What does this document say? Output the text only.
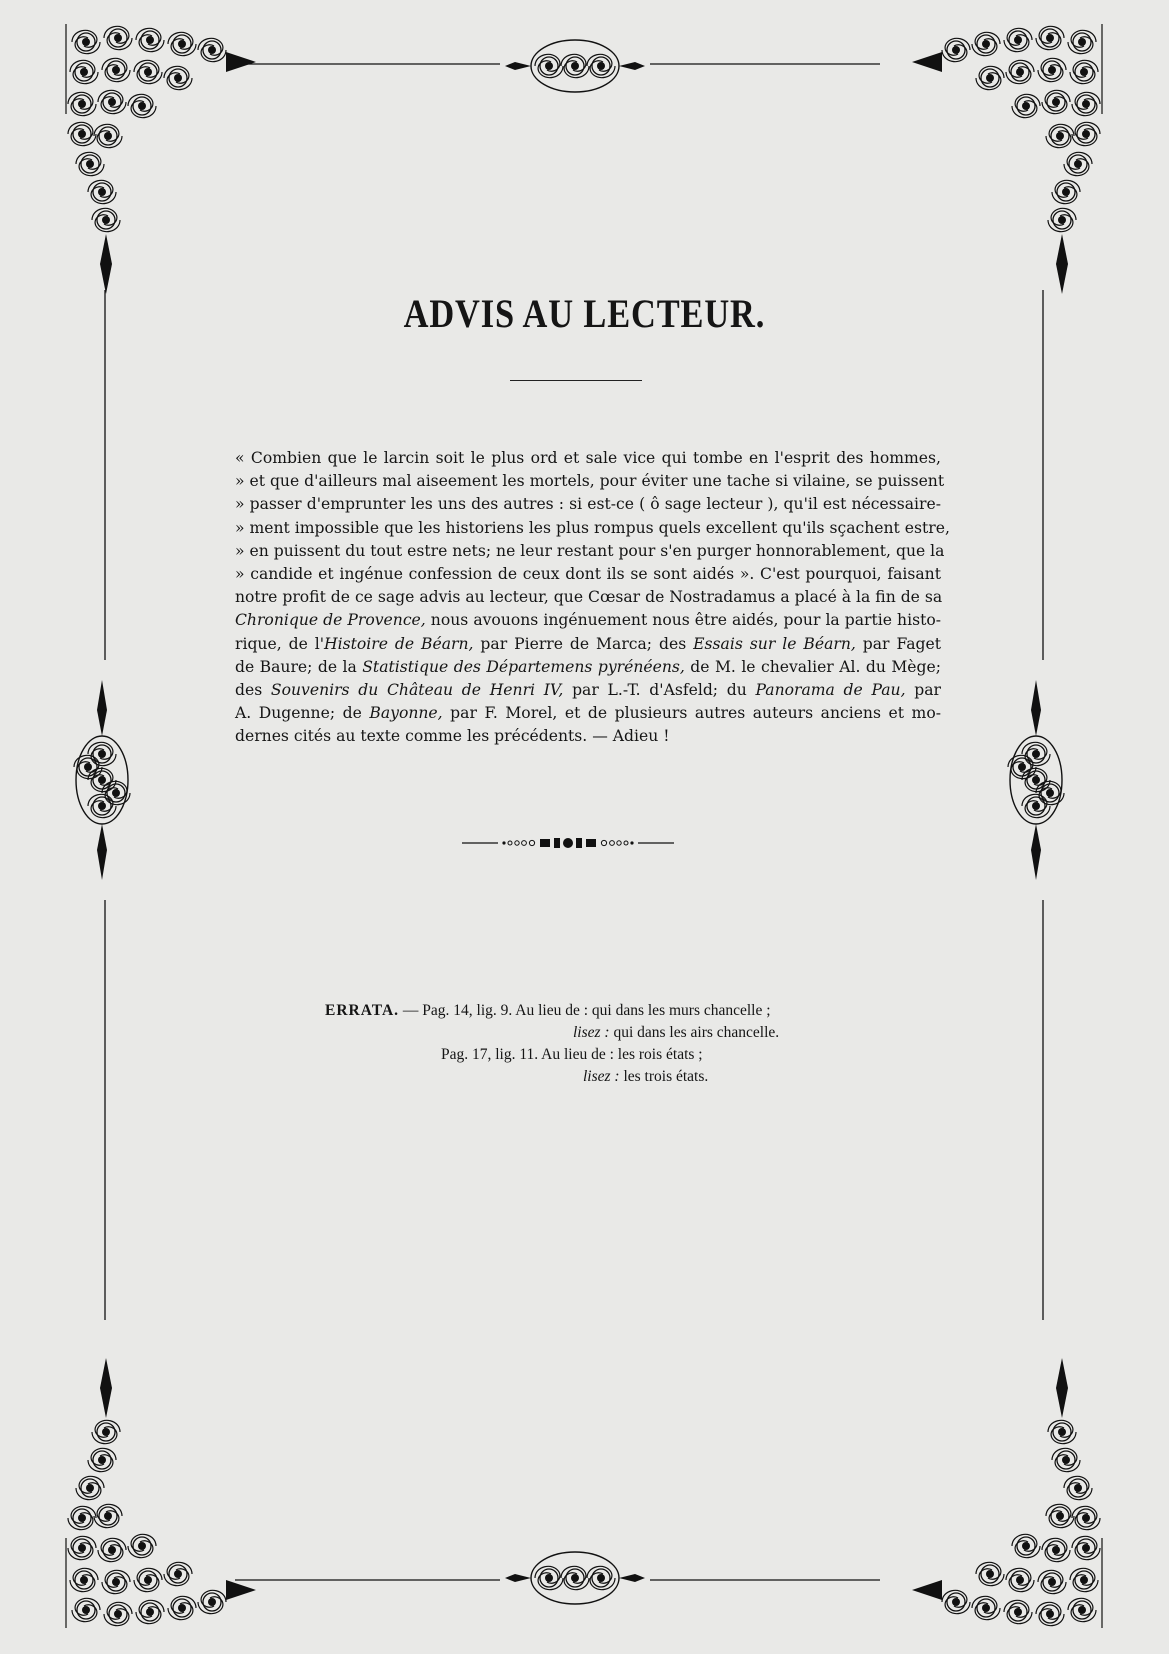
ADVIS AU LECTEUR.
« Combien que le larcin soit le plus ord et sale vice qui tombe en l'esprit des hommes,
» et que d'ailleurs mal aiseement les mortels, pour éviter une tache si vilaine, se puissent
» passer d'emprunter les uns des autres : si est-ce ( ô sage lecteur ), qu'il est nécessaire-
» ment impossible que les historiens les plus rompus quels excellent qu'ils sçachent estre,
» en puissent du tout estre nets; ne leur restant pour s'en purger honnorablement, que la
» candide et ingénue confession de ceux dont ils se sont aidés ». C'est pourquoi, faisant
notre profit de ce sage advis au lecteur, que Cœsar de Nostradamus a placé à la fin de sa
Chronique de Provence, nous avouons ingénuement nous être aidés, pour la partie histo-
rique, de l'Histoire de Béarn, par Pierre de Marca; des Essais sur le Béarn, par Faget
de Baure; de la Statistique des Départemens pyrénéens, de M. le chevalier Al. du Mège;
des Souvenirs du Château de Henri IV, par L.-T. d'Asfeld; du Panorama de Pau, par
A. Dugenne; de Bayonne, par F. Morel, et de plusieurs autres auteurs anciens et mo-
dernes cités au texte comme les précédents. — Adieu !
ERRATA. — Pag. 14, lig. 9. Au lieu de : qui dans les murs chancelle ;
lisez : qui dans les airs chancelle.
Pag. 17, lig. 11. Au lieu de : les rois états ;
lisez : les trois états.
